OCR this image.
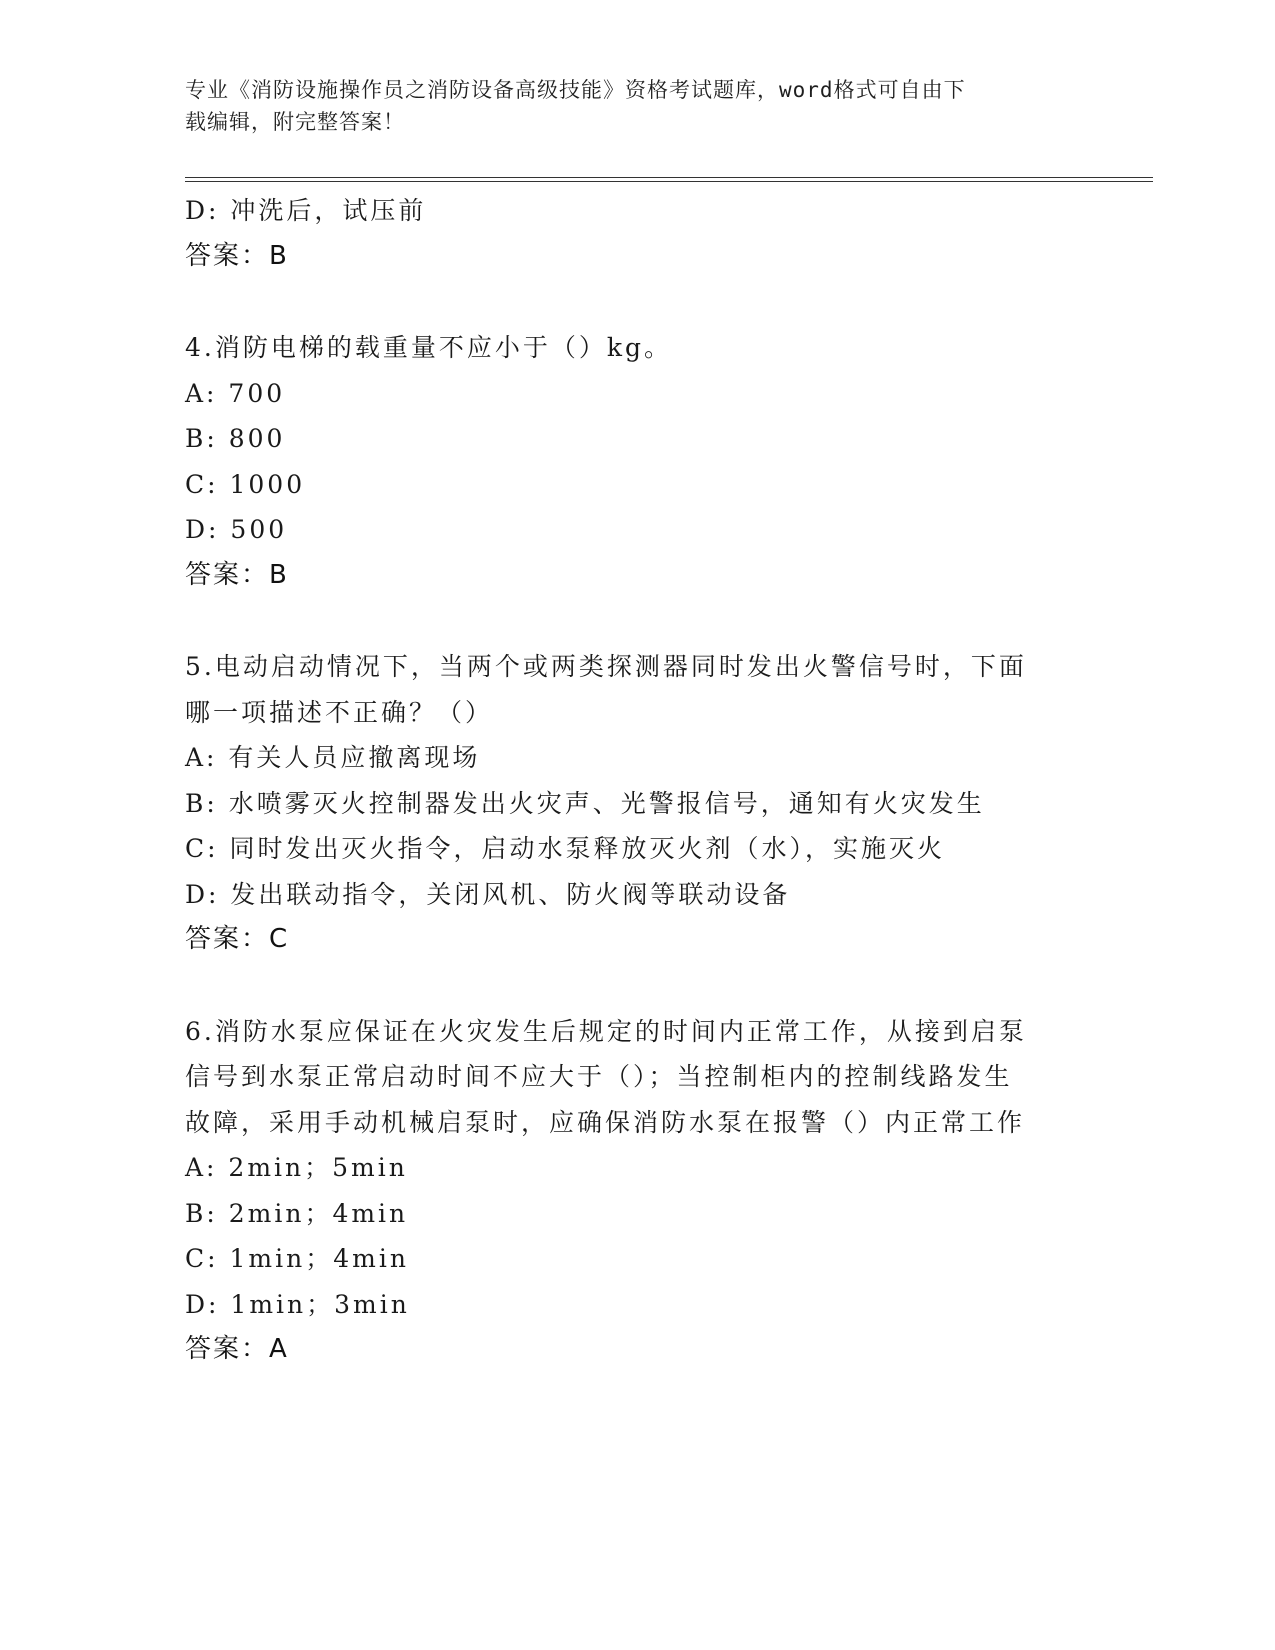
专业《消防设施操作员之消防设备高级技能》资格考试题库，word格式可自由下
载编辑，附完整答案！
D: 冲洗后，试压前
答案：B
4.消防电梯的载重量不应小于（）kg。
A: 700
B: 800
C: 1000
D: 500
答案：B
5.电动启动情况下，当两个或两类探测器同时发出火警信号时，下面
哪一项描述不正确？（）
A: 有关人员应撤离现场
B: 水喷雾灭火控制器发出火灾声、光警报信号，通知有火灾发生
C: 同时发出灭火指令，启动水泵释放灭火剂（水），实施灭火
D: 发出联动指令，关闭风机、防火阀等联动设备
答案：C
6.消防水泵应保证在火灾发生后规定的时间内正常工作，从接到启泵
信号到水泵正常启动时间不应大于（）；当控制柜内的控制线路发生
故障，采用手动机械启泵时，应确保消防水泵在报警（）内正常工作
A: 2min；5min
B: 2min；4min
C: 1min；4min
D: 1min；3min
答案：A
